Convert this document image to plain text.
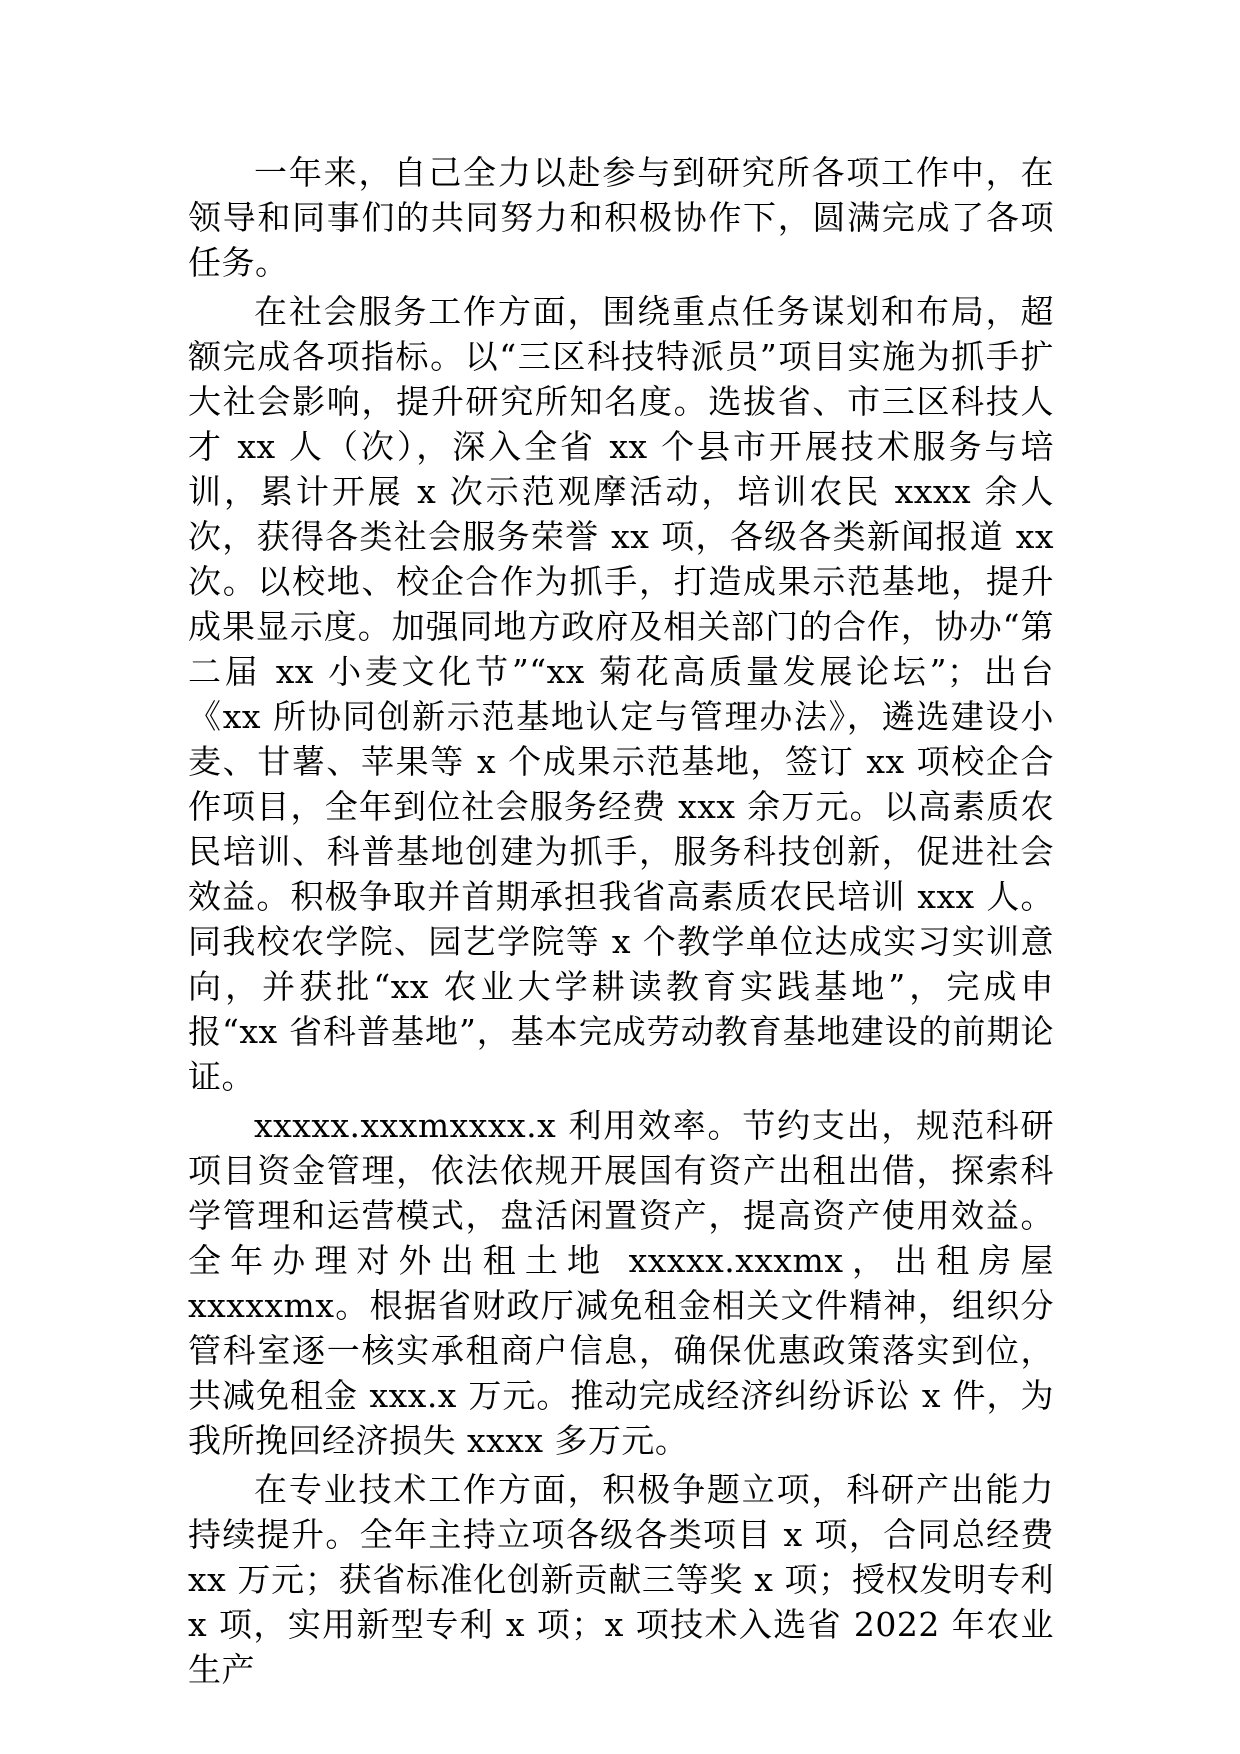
一年来，自己全力以赴参与到研究所各项工作中，在领导和同事们的共同努力和积极协作下，圆满完成了各项任务。

在社会服务工作方面，围绕重点任务谋划和布局，超额完成各项指标。以“三区科技特派员”项目实施为抓手扩大社会影响，提升研究所知名度。选拔省、市三区科技人才 xx 人（次），深入全省 xx 个县市开展技术服务与培训，累计开展 x 次示范观摩活动，培训农民 xxxx 余人次，获得各类社会服务荣誉 xx 项，各级各类新闻报道 xx 次。以校地、校企合作为抓手，打造成果示范基地，提升成果显示度。加强同地方政府及相关部门的合作，协办“第二届 xx 小麦文化节”“xx 菊花高质量发展论坛”；出台《xx 所协同创新示范基地认定与管理办法》，遴选建设小麦、甘薯、苹果等 x 个成果示范基地，签订 xx 项校企合作项目，全年到位社会服务经费 xxx 余万元。以高素质农民培训、科普基地创建为抓手，服务科技创新，促进社会效益。积极争取并首期承担我省高素质农民培训 xxx 人。同我校农学院、园艺学院等 x 个教学单位达成实习实训意向，并获批“xx 农业大学耕读教育实践基地”，完成申报“xx 省科普基地”，基本完成劳动教育基地建设的前期论证。

xxxxx.xxxmxxxx.x 利用效率。节约支出，规范科研项目资金管理，依法依规开展国有资产出租出借，探索科学管理和运营模式，盘活闲置资产，提高资产使用效益。全年办理对外出租土地 xxxxx.xxxmx，出租房屋 xxxxxmx。根据省财政厅减免租金相关文件精神，组织分管科室逐一核实承租商户信息，确保优惠政策落实到位，共减免租金 xxx.x 万元。推动完成经济纠纷诉讼 x 件，为我所挽回经济损失 xxxx 多万元。

在专业技术工作方面，积极争题立项，科研产出能力持续提升。全年主持立项各级各类项目 x 项，合同总经费 xx 万元；获省标准化创新贡献三等奖 x 项；授权发明专利 x 项，实用新型专利 x 项；x 项技术入选省 2022 年农业生产
